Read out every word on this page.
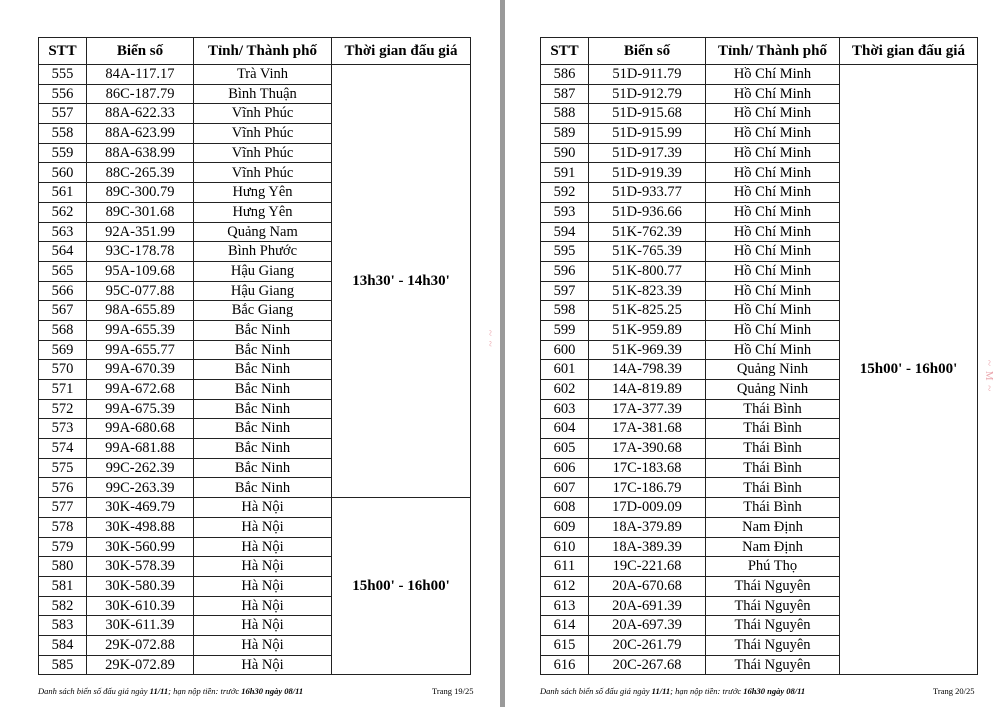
STT	Biển số	Tỉnh/ Thành phố	Thời gian đấu giá
555	84A-117.17	Trà Vinh	13h30' - 14h30'
556	86C-187.79	Bình Thuận	
557	88A-622.33	Vĩnh Phúc	
558	88A-623.99	Vĩnh Phúc	
559	88A-638.99	Vĩnh Phúc	
560	88C-265.39	Vĩnh Phúc	
561	89C-300.79	Hưng Yên	
562	89C-301.68	Hưng Yên	
563	92A-351.99	Quảng Nam	
564	93C-178.78	Bình Phước	
565	95A-109.68	Hậu Giang	
566	95C-077.88	Hậu Giang	
567	98A-655.89	Bắc Giang	
568	99A-655.39	Bắc Ninh	
569	99A-655.77	Bắc Ninh	
570	99A-670.39	Bắc Ninh	
571	99A-672.68	Bắc Ninh	
572	99A-675.39	Bắc Ninh	
573	99A-680.68	Bắc Ninh	
574	99A-681.88	Bắc Ninh	
575	99C-262.39	Bắc Ninh	
576	99C-263.39	Bắc Ninh	
577	30K-469.79	Hà Nội	15h00' - 16h00'
578	30K-498.88	Hà Nội	
579	30K-560.99	Hà Nội	
580	30K-578.39	Hà Nội	
581	30K-580.39	Hà Nội	
582	30K-610.39	Hà Nội	
583	30K-611.39	Hà Nội	
584	29K-072.88	Hà Nội	
585	29K-072.89	Hà Nội	
Danh sách biển số đấu giá ngày 11/11; hạn nộp tiền: trước 16h30 ngày 08/11	Trang 19/25
STT	Biển số	Tỉnh/ Thành phố	Thời gian đấu giá
586	51D-911.79	Hồ Chí Minh	15h00' - 16h00'
587	51D-912.79	Hồ Chí Minh	
588	51D-915.68	Hồ Chí Minh	
589	51D-915.99	Hồ Chí Minh	
590	51D-917.39	Hồ Chí Minh	
591	51D-919.39	Hồ Chí Minh	
592	51D-933.77	Hồ Chí Minh	
593	51D-936.66	Hồ Chí Minh	
594	51K-762.39	Hồ Chí Minh	
595	51K-765.39	Hồ Chí Minh	
596	51K-800.77	Hồ Chí Minh	
597	51K-823.39	Hồ Chí Minh	
598	51K-825.25	Hồ Chí Minh	
599	51K-959.89	Hồ Chí Minh	
600	51K-969.39	Hồ Chí Minh	
601	14A-798.39	Quảng Ninh	
602	14A-819.89	Quảng Ninh	
603	17A-377.39	Thái Bình	
604	17A-381.68	Thái Bình	
605	17A-390.68	Thái Bình	
606	17C-183.68	Thái Bình	
607	17C-186.79	Thái Bình	
608	17D-009.09	Thái Bình	
609	18A-379.89	Nam Định	
610	18A-389.39	Nam Định	
611	19C-221.68	Phú Thọ	
612	20A-670.68	Thái Nguyên	
613	20A-691.39	Thái Nguyên	
614	20A-697.39	Thái Nguyên	
615	20C-261.79	Thái Nguyên	
616	20C-267.68	Thái Nguyên	
Danh sách biển số đấu giá ngày 11/11; hạn nộp tiền: trước 16h30 ngày 08/11	Trang 20/25
~ M ~
~ ~
